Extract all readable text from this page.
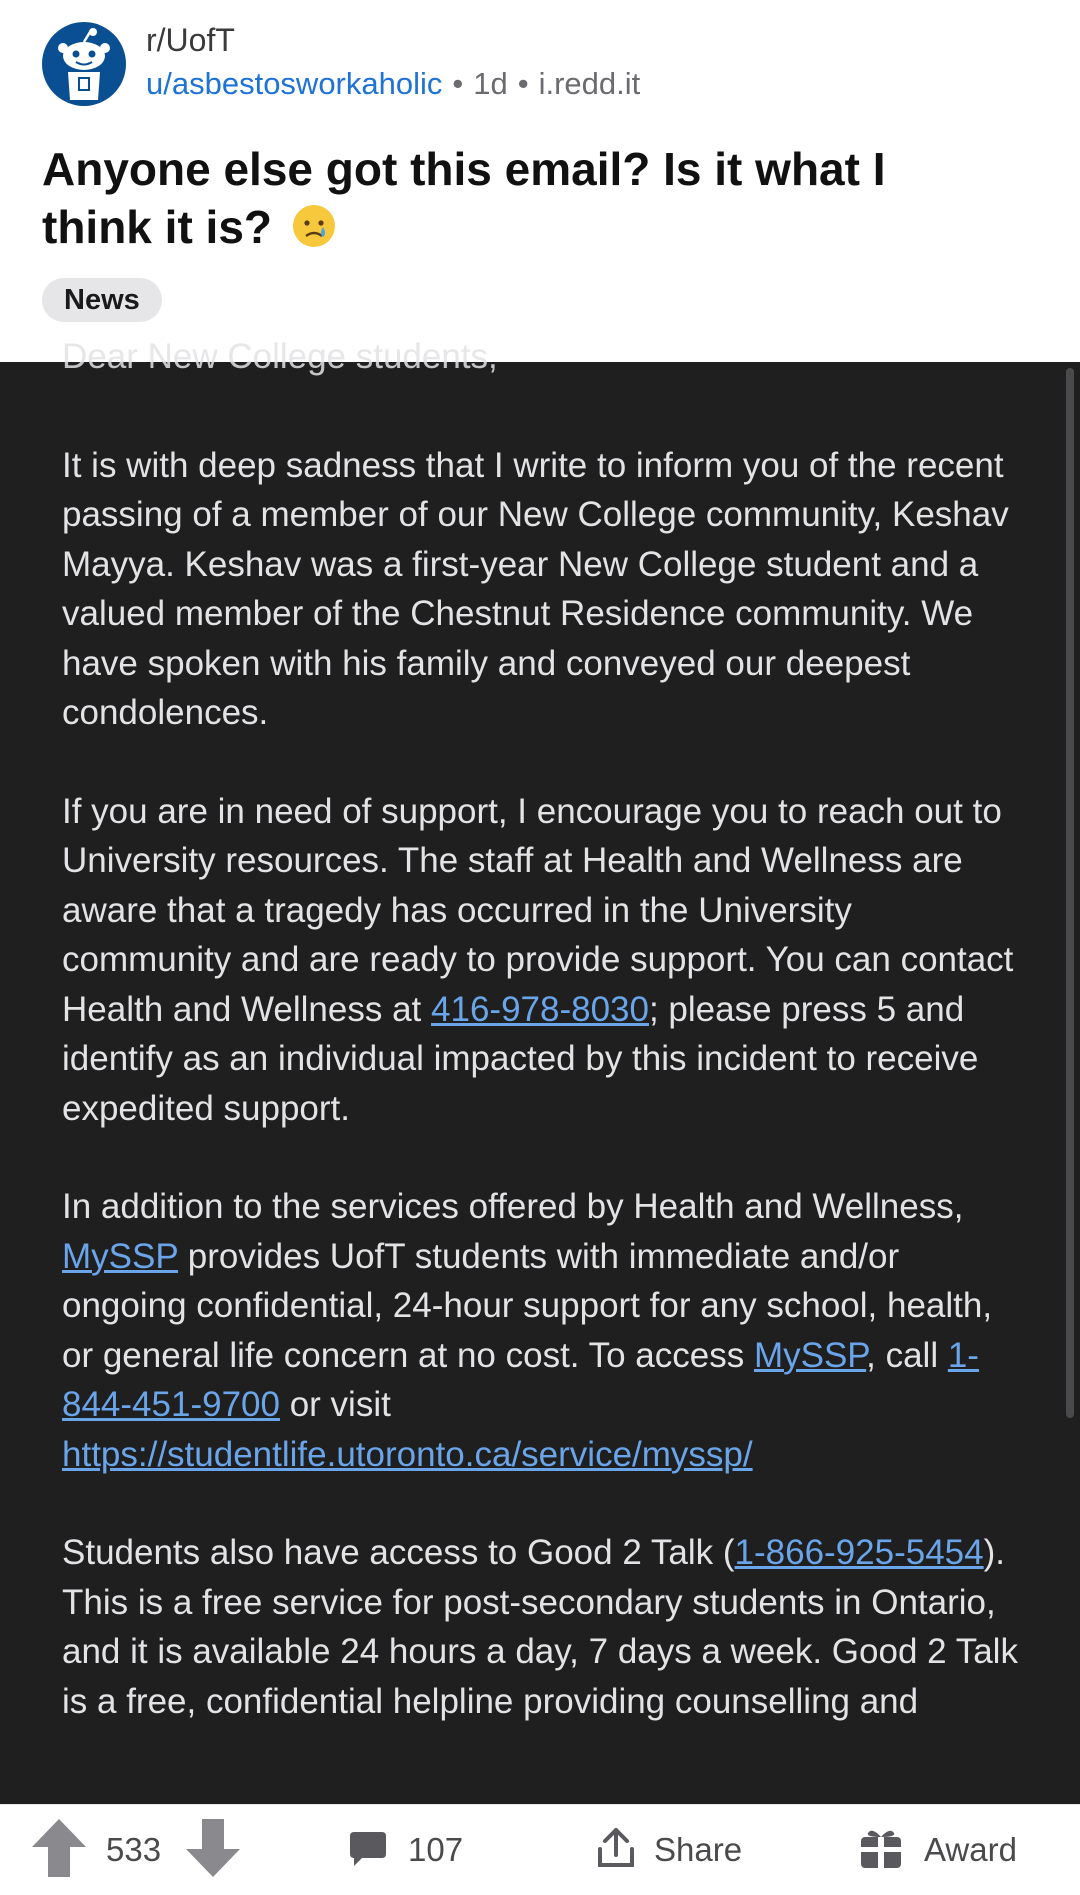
r/UofT
u/asbestosworkaholic • 1d • i.redd.it
Anyone else got this email? Is it what I think it is?
News

Dear New College students,

It is with deep sadness that I write to inform you of the recent passing of a member of our New College community, Keshav Mayya. Keshav was a first-year New College student and a valued member of the Chestnut Residence community. We have spoken with his family and conveyed our deepest condolences.

If you are in need of support, I encourage you to reach out to University resources. The staff at Health and Wellness are aware that a tragedy has occurred in the University community and are ready to provide support. You can contact Health and Wellness at 416-978-8030; please press 5 and identify as an individual impacted by this incident to receive expedited support.

In addition to the services offered by Health and Wellness, MySSP provides UofT students with immediate and/or ongoing confidential, 24-hour support for any school, health, or general life concern at no cost. To access MySSP, call 1-844-451-9700 or visit https://studentlife.utoronto.ca/service/myssp/

Students also have access to Good 2 Talk (1-866-925-5454). This is a free service for post-secondary students in Ontario, and it is available 24 hours a day, 7 days a week. Good 2 Talk is a free, confidential helpline providing counselling and

533	107	Share	Award
